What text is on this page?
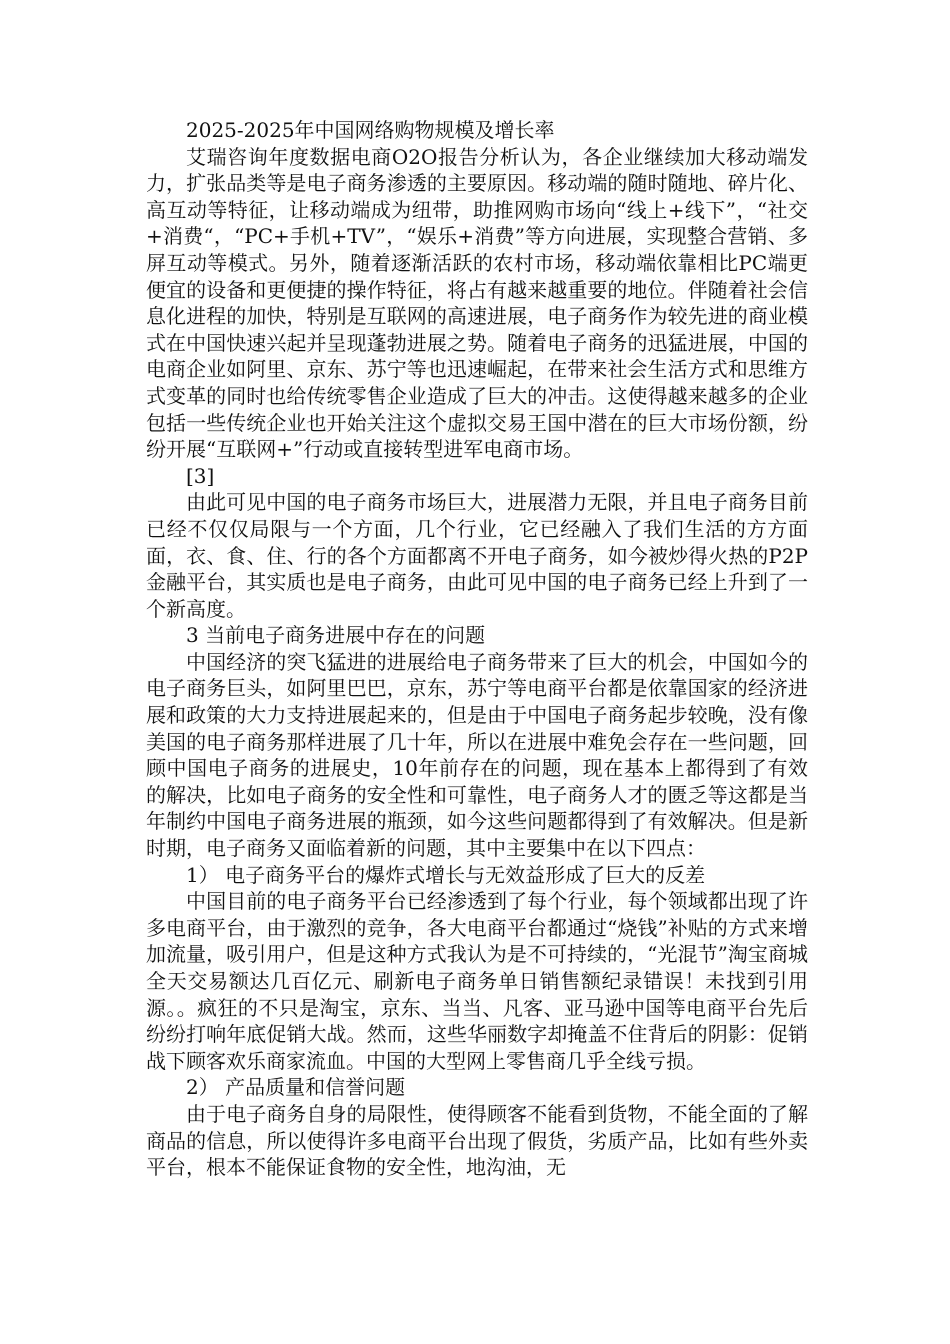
2025-2025年中国网络购物规模及增长率

艾瑞咨询年度数据电商O2O报告分析认为，各企业继续加大移动端发力，扩张品类等是电子商务渗透的主要原因。移动端的随时随地、碎片化、高互动等特征，让移动端成为纽带，助推网购市场向“线上+线下”，“社交+消费“，“PC+手机+TV”，“娱乐+消费”等方向进展，实现整合营销、多屏互动等模式。另外，随着逐渐活跃的农村市场，移动端依靠相比PC端更便宜的设备和更便捷的操作特征，将占有越来越重要的地位。伴随着社会信息化进程的加快，特别是互联网的高速进展，电子商务作为较先进的商业模式在中国快速兴起并呈现蓬勃进展之势。随着电子商务的迅猛进展，中国的电商企业如阿里、京东、苏宁等也迅速崛起，在带来社会生活方式和思维方式变革的同时也给传统零售企业造成了巨大的冲击。这使得越来越多的企业包括一些传统企业也开始关注这个虚拟交易王国中潜在的巨大市场份额，纷纷开展“互联网+”行动或直接转型进军电商市场。

[3]

由此可见中国的电子商务市场巨大，进展潜力无限，并且电子商务目前已经不仅仅局限与一个方面，几个行业，它已经融入了我们生活的方方面面，衣、食、住、行的各个方面都离不开电子商务，如今被炒得火热的P2P金融平台，其实质也是电子商务，由此可见中国的电子商务已经上升到了一个新高度。

3 当前电子商务进展中存在的问题

中国经济的突飞猛进的进展给电子商务带来了巨大的机会，中国如今的电子商务巨头，如阿里巴巴，京东，苏宁等电商平台都是依靠国家的经济进展和政策的大力支持进展起来的，但是由于中国电子商务起步较晚，没有像美国的电子商务那样进展了几十年，所以在进展中难免会存在一些问题，回顾中国电子商务的进展史，10年前存在的问题，现在基本上都得到了有效的解决，比如电子商务的安全性和可靠性，电子商务人才的匮乏等这都是当年制约中国电子商务进展的瓶颈，如今这些问题都得到了有效解决。但是新时期，电子商务又面临着新的问题，其中主要集中在以下四点：

1） 电子商务平台的爆炸式增长与无效益形成了巨大的反差

中国目前的电子商务平台已经渗透到了每个行业，每个领域都出现了许多电商平台，由于激烈的竞争，各大电商平台都通过“烧钱”补贴的方式来增加流量，吸引用户，但是这种方式我认为是不可持续的，“光混节”淘宝商城全天交易额达几百亿元、刷新电子商务单日销售额纪录错误！未找到引用源。。疯狂的不只是淘宝，京东、当当、凡客、亚马逊中国等电商平台先后纷纷打响年底促销大战。然而，这些华丽数字却掩盖不住背后的阴影：促销战下顾客欢乐商家流血。中国的大型网上零售商几乎全线亏损。

2） 产品质量和信誉问题

由于电子商务自身的局限性，使得顾客不能看到货物，不能全面的了解商品的信息，所以使得许多电商平台出现了假货，劣质产品，比如有些外卖平台，根本不能保证食物的安全性，地沟油，无
